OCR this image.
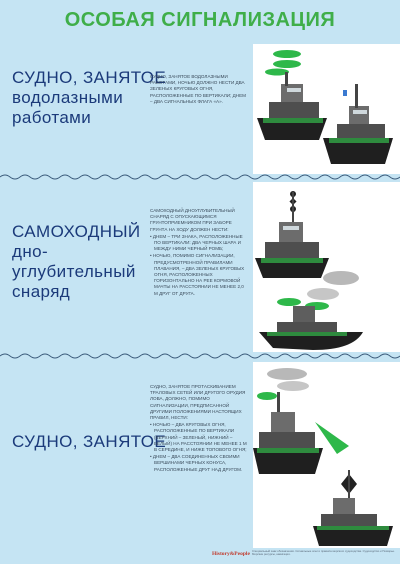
ОСОБАЯ СИГНАЛИЗАЦИЯ
СУДНО, ЗАНЯТОЕ
водолазными
работами

СУДНО, ЗАНЯТОЕ ВОДОЛАЗНЫМИ РАБОТАМИ, НОЧЬЮ ДОЛЖНО НЕСТИ ДВА ЗЕЛЕНЫХ КРУГОВЫХ ОГНЯ, РАСПОЛОЖЕННЫЕ ПО ВЕРТИКАЛИ; ДНЕМ – ДВА СИГНАЛЬНЫХ ФЛАГА «А».

САМОХОДНЫЙ
дно-
углубительный
снаряд

САМОХОДНЫЙ ДНОУГЛУБИТЕЛЬНЫЙ СНАРЯД С ОПУСКАЮЩИМСЯ ГРУНТОПРИЕМНИКОМ ПРИ ЗАБОРЕ ГРУНТА НА ХОДУ ДОЛЖЕН НЕСТИ:

• ДНЕМ – ТРИ ЗНАКА, РАСПОЛОЖЕННЫЕ ПО ВЕРТИКАЛИ: ДВА ЧЕРНЫХ ШАРА И МЕЖДУ НИМИ ЧЕРНЫЙ РОМБ;
• НОЧЬЮ, ПОМИМО СИГНАЛИЗАЦИИ, ПРЕДУСМОТРЕННОЙ ПРАВИЛАМИ ПЛАВАНИЯ, – ДВА ЗЕЛЕНЫХ КРУГОВЫХ ОГНЯ, РАСПОЛОЖЕННЫХ ГОРИЗОНТАЛЬНО НА РЕЕ КОРМОВОЙ МАЧТЫ НА РАССТОЯНИИ НЕ МЕНЕЕ 2,0 М ДРУГ ОТ ДРУГА.
СУДНО, ЗАНЯТОЕ

СУДНО, ЗАНЯТОЕ ПРОТАСКИВАНИЕМ ТРАЛОВЫХ СЕТЕЙ ИЛИ ДРУГОГО ОРУДИЯ ЛОВА, ДОЛЖНО, ПОМИМО СИГНАЛИЗАЦИИ, ПРЕДПИСАННОЙ ДРУГИМИ ПОЛОЖЕНИЯМИ НАСТОЯЩИХ ПРАВИЛ, НЕСТИ:

• НОЧЬЮ – ДВА КРУГОВЫХ ОГНЯ, РАСПОЛОЖЕННЫЕ ПО ВЕРТИКАЛИ (ВЕРХНИЙ – ЗЕЛЕНЫЙ, НИЖНИЙ – БЕЛЫЙ) НА РАССТОЯНИИ НЕ МЕНЕЕ 1 М В СЕРЕДИНЕ, И НИЖЕ ТОПОВОГО ОГНЯ;
• ДНЕМ – ДВА СОЕДИНЕННЫХ СВОИМИ ВЕРШИНАМИ ЧЕРНЫХ КОНУСА, РАСПОЛОЖЕННЫЕ ДРУГ НАД ДРУГОМ.
History&People Специальный знак обозначения. Сигнальные огни и правила морского судоходства. Судоходство и Поморье. Морские ресурсы, навигация.
